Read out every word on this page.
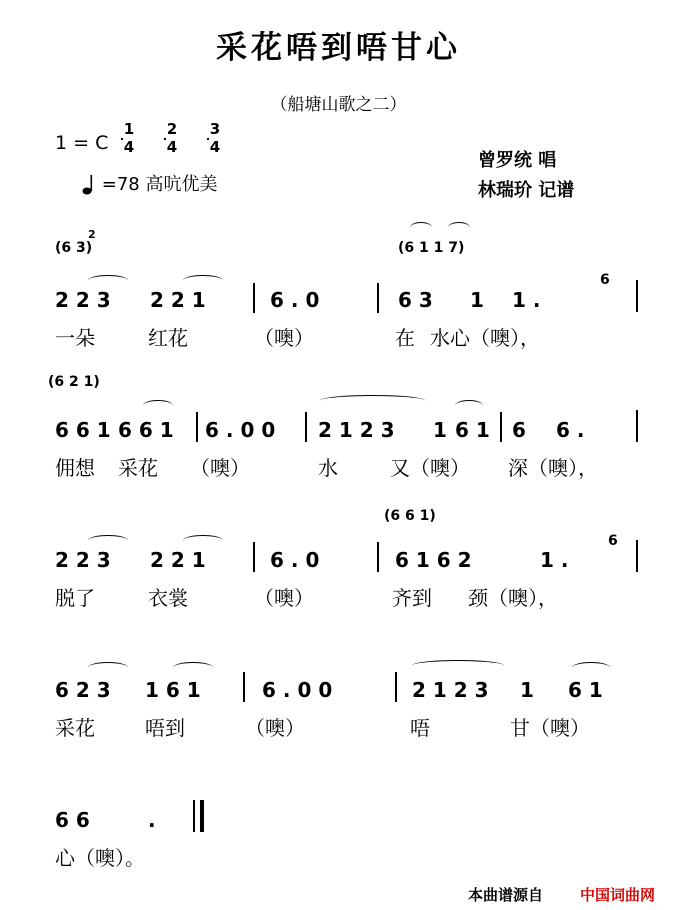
采花唔到唔甘心
（船塘山歌之二）
1 = C
1
4
2
4
3
4
=78 高吭优美
曾罗统 唱
林瑞玠 记谱
(6 3)
2
(6 1 1 7)
2 2 3 2 2 1	6 . 0	6 3 1 1 .
6
一朵	红花	（噢）	在 水心（噢），
(6 2 1)
6 6 1 6 6 1 6 . 0 0 2 1 2 3 1 6 1 6 6 .
佣想 采花 （噢）	水	又（噢） 深（噢），
(6 6 1)
2 2 3 2 2 1	6 . 0	6 1 6 2	1 .
6
脱了	衣裳	（噢）	齐到 颈（噢），
6 2 3 1 6 1	6 . 0 0	2 1 2 3 1 6 1
采花	唔到	（噢）	唔	甘（噢）
6 6	.
心（噢）。
本曲谱源自 中国词曲网
